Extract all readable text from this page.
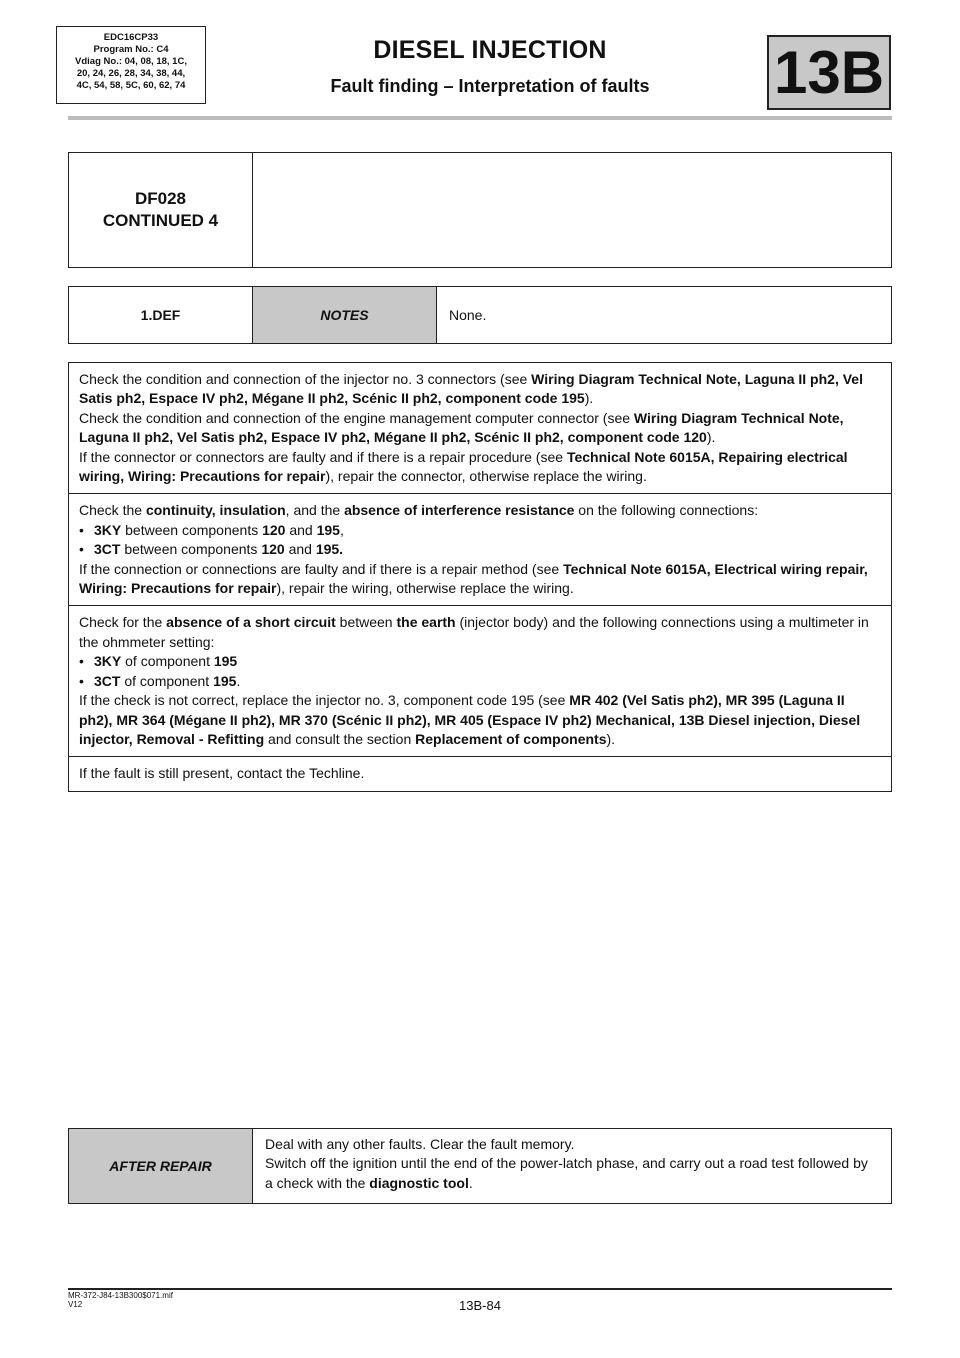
EDC16CP33
Program No.: C4
Vdiag No.: 04, 08, 18, 1C,
20, 24, 26, 28, 34, 38, 44,
4C, 54, 58, 5C, 60, 62, 74
DIESEL INJECTION
Fault finding – Interpretation of faults	13B
DF028
CONTINUED 4
1.DEF	NOTES	None.

Check the condition and connection of the injector no. 3 connectors (see Wiring Diagram Technical Note, Laguna II ph2, Vel Satis ph2, Espace IV ph2, Mégane II ph2, Scénic II ph2, component code 195).
Check the condition and connection of the engine management computer connector (see Wiring Diagram Technical Note, Laguna II ph2, Vel Satis ph2, Espace IV ph2, Mégane II ph2, Scénic II ph2, component code 120).
If the connector or connectors are faulty and if there is a repair procedure (see Technical Note 6015A, Repairing electrical wiring, Wiring: Precautions for repair), repair the connector, otherwise replace the wiring.

Check the continuity, insulation, and the absence of interference resistance on the following connections:

• 3KY between components 120 and 195,
• 3CT between components 120 and 195.

If the connection or connections are faulty and if there is a repair method (see Technical Note 6015A, Electrical wiring repair, Wiring: Precautions for repair), repair the wiring, otherwise replace the wiring.

Check for the absence of a short circuit between the earth (injector body) and the following connections using a multimeter in the ohmmeter setting:

• 3KY of component 195
• 3CT of component 195.

If the check is not correct, replace the injector no. 3, component code 195 (see MR 402 (Vel Satis ph2), MR 395 (Laguna II ph2), MR 364 (Mégane II ph2), MR 370 (Scénic II ph2), MR 405 (Espace IV ph2) Mechanical, 13B Diesel injection, Diesel injector, Removal - Refitting and consult the section Replacement of components).

If the fault is still present, contact the Techline.

AFTER REPAIR

Deal with any other faults. Clear the fault memory.

Switch off the ignition until the end of the power-latch phase, and carry out a road test followed by a check with the diagnostic tool.

MR-372-J84-13B300$071.mif
V12	13B-84
